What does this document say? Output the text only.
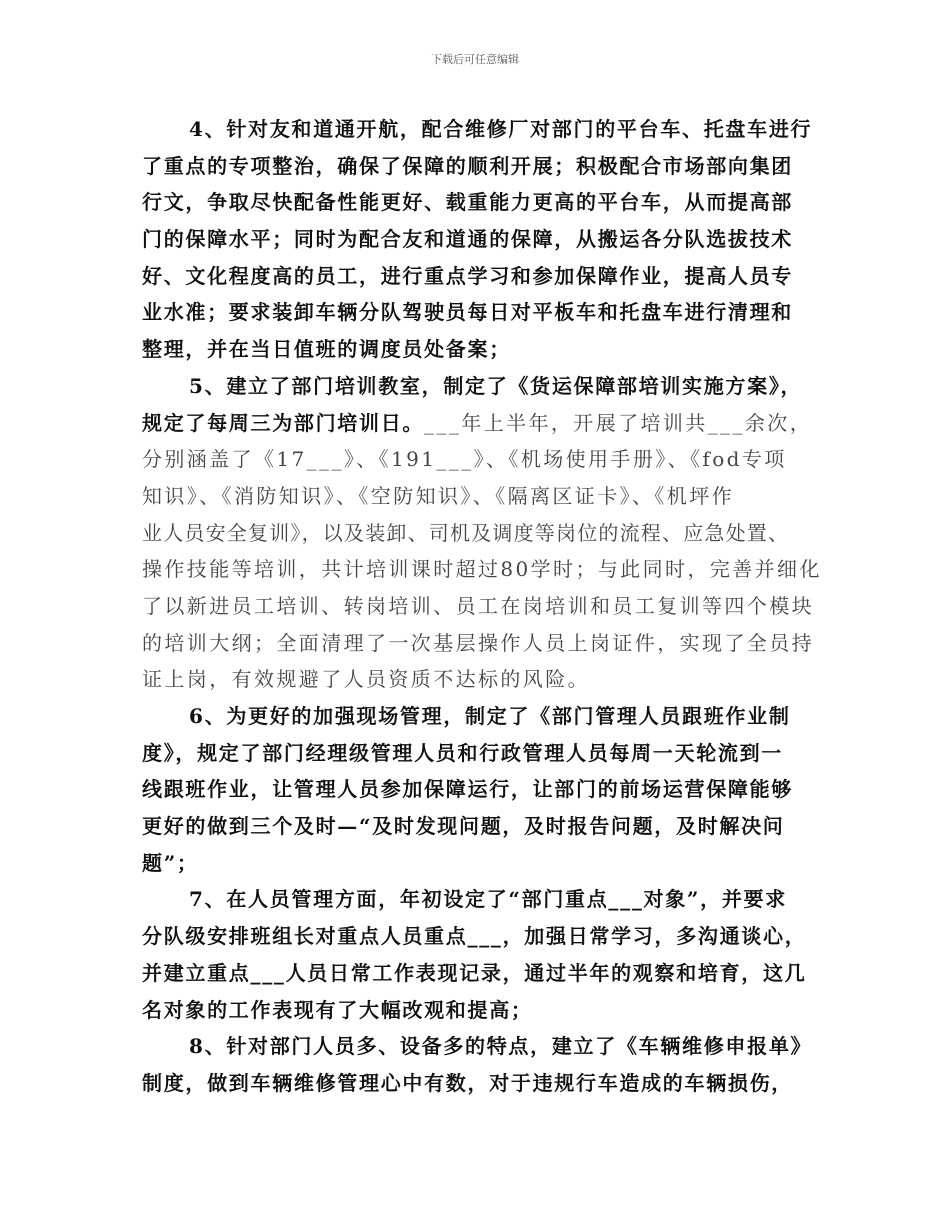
下载后可任意编辑
4、针对友和道通开航，配合维修厂对部门的平台车、托盘车进行
了重点的专项整治，确保了保障的顺利开展；积极配合市场部向集团
行文，争取尽快配备性能更好、载重能力更高的平台车，从而提高部
门的保障水平；同时为配合友和道通的保障，从搬运各分队选拔技术
好、文化程度高的员工，进行重点学习和参加保障作业，提高人员专
业水准；要求装卸车辆分队驾驶员每日对平板车和托盘车进行清理和
整理，并在当日值班的调度员处备案；
5、建立了部门培训教室，制定了《货运保障部培训实施方案》，
规定了每周三为部门培训日。___年上半年，开展了培训共___余次，
分别涵盖了《17___》、《191___》、《机场使用手册》、《fod专项
知识》、《消防知识》、《空防知识》、《隔离区证卡》、《机坪作
业人员安全复训》，以及装卸、司机及调度等岗位的流程、应急处置、
操作技能等培训，共计培训课时超过80学时；与此同时，完善并细化
了以新进员工培训、转岗培训、员工在岗培训和员工复训等四个模块
的培训大纲；全面清理了一次基层操作人员上岗证件，实现了全员持
证上岗，有效规避了人员资质不达标的风险。
6、为更好的加强现场管理，制定了《部门管理人员跟班作业制
度》，规定了部门经理级管理人员和行政管理人员每周一天轮流到一
线跟班作业，让管理人员参加保障运行，让部门的前场运营保障能够
更好的做到三个及时—“及时发现问题，及时报告问题，及时解决问
题”；
7、在人员管理方面，年初设定了“部门重点___对象”，并要求
分队级安排班组长对重点人员重点___，加强日常学习，多沟通谈心，
并建立重点___人员日常工作表现记录，通过半年的观察和培育，这几
名对象的工作表现有了大幅改观和提高；
8、针对部门人员多、设备多的特点，建立了《车辆维修申报单》
制度，做到车辆维修管理心中有数，对于违规行车造成的车辆损伤，
